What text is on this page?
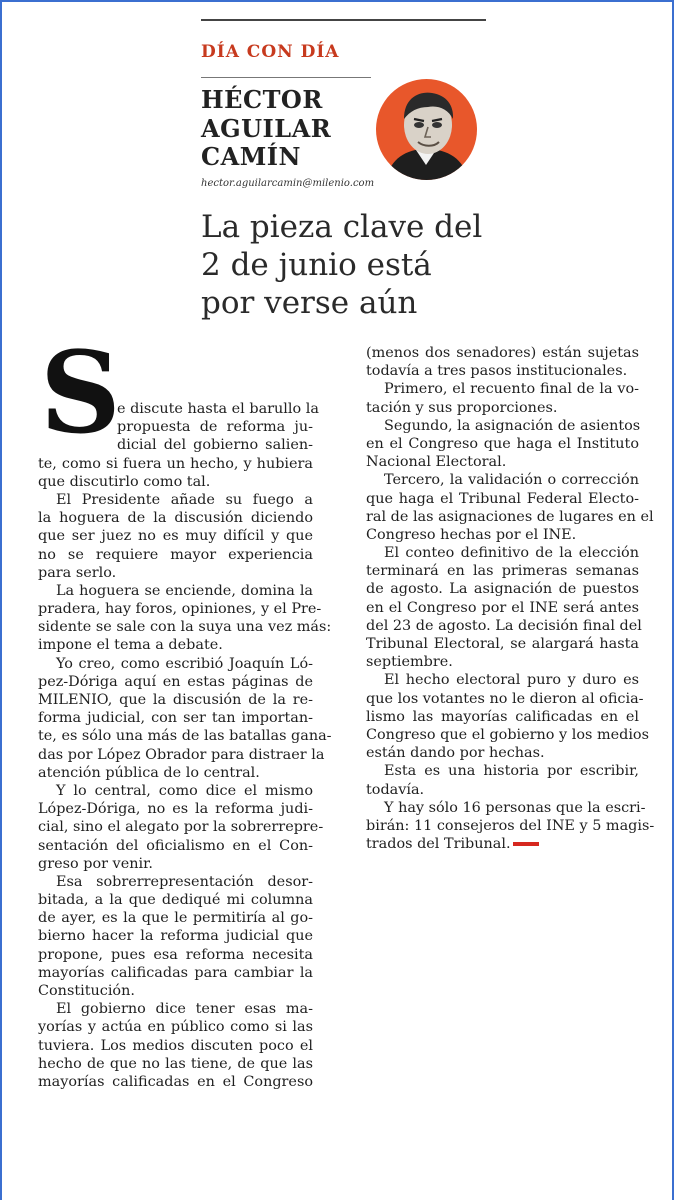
DÍA CON DÍA
HÉCTOR
AGUILAR
CAMÍN
hector.aguilarcamin@milenio.com
La pieza clave del
2 de junio está
por verse aún
S
e discute hasta el barullo la
propuesta de reforma ju-
dicial del gobierno salien-
te, como si fuera un hecho, y hubiera
que discutirlo como tal.
El Presidente añade su fuego a
la hoguera de la discusión diciendo
que ser juez no es muy difícil y que
no se requiere mayor experiencia
para serlo.
La hoguera se enciende, domina la
pradera, hay foros, opiniones, y el Pre-
sidente se sale con la suya una vez más:
impone el tema a debate.
Yo creo, como escribió Joaquín Ló-
pez-Dóriga aquí en estas páginas de
MILENIO, que la discusión de la re-
forma judicial, con ser tan importan-
te, es sólo una más de las batallas gana-
das por López Obrador para distraer la
atención pública de lo central.
Y lo central, como dice el mismo
López-Dóriga, no es la reforma judi-
cial, sino el alegato por la sobrerrepre-
sentación del oficialismo en el Con-
greso por venir.
Esa sobrerrepresentación desor-
bitada, a la que dediqué mi columna
de ayer, es la que le permitiría al go-
bierno hacer la reforma judicial que
propone, pues esa reforma necesita
mayorías calificadas para cambiar la
Constitución.
El gobierno dice tener esas ma-
yorías y actúa en público como si las
tuviera. Los medios discuten poco el
hecho de que no las tiene, de que las
mayorías calificadas en el Congreso
(menos dos senadores) están sujetas
todavía a tres pasos institucionales.
Primero, el recuento final de la vo-
tación y sus proporciones.
Segundo, la asignación de asientos
en el Congreso que haga el Instituto
Nacional Electoral.
Tercero, la validación o corrección
que haga el Tribunal Federal Electo-
ral de las asignaciones de lugares en el
Congreso hechas por el INE.
El conteo definitivo de la elección
terminará en las primeras semanas
de agosto. La asignación de puestos
en el Congreso por el INE será antes
del 23 de agosto. La decisión final del
Tribunal Electoral, se alargará hasta
septiembre.
El hecho electoral puro y duro es
que los votantes no le dieron al oficia-
lismo las mayorías calificadas en el
Congreso que el gobierno y los medios
están dando por hechas.
Esta es una historia por escribir,
todavía.
Y hay sólo 16 personas que la escri-
birán: 11 consejeros del INE y 5 magis-
trados del Tribunal.
